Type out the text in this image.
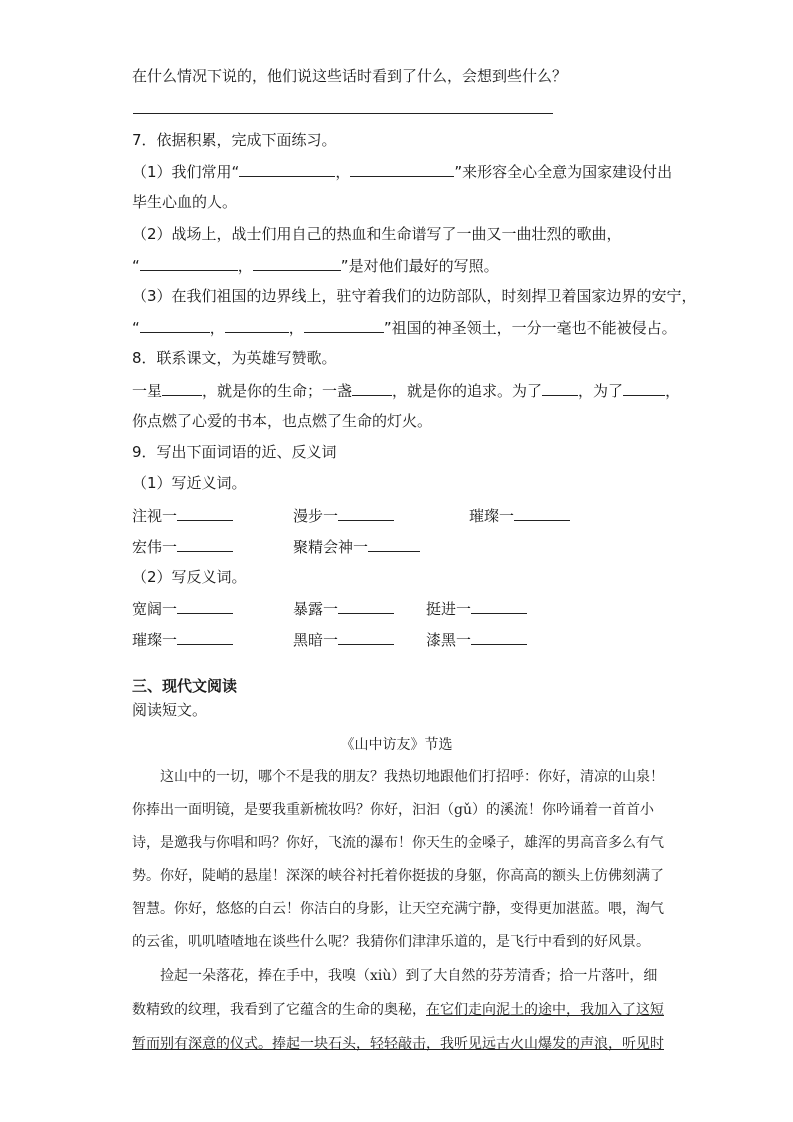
在什么情况下说的，他们说这些话时看到了什么，会想到些什么？
7．依据积累，完成下面练习。
（1）我们常用“	，	”来形容全心全意为国家建设付出
毕生心血的人。
（2）战场上，战士们用自己的热血和生命谱写了一曲又一曲壮烈的歌曲，
“	，	”是对他们最好的写照。
（3）在我们祖国的边界线上，驻守着我们的边防部队，时刻捍卫着国家边界的安宁，
“	，	，	”祖国的神圣领土，一分一毫也不能被侵占。
8．联系课文，为英雄写赞歌。
一星	，就是你的生命；一盏	，就是你的追求。为了 ，为了	，
你点燃了心爱的书本，也点燃了生命的灯火。
9．写出下面词语的近、反义词
（1）写近义词。
注视一	漫步一	璀璨一
宏伟一	聚精会神一
（2）写反义词。
宽阔一	暴露一	挺进一
璀璨一	黑暗一	漆黑一
三、现代文阅读
阅读短文。
《山中访友》节选
这山中的一切，哪个不是我的朋友？我热切地跟他们打招呼：你好，清凉的山泉！
你捧出一面明镜，是要我重新梳妆吗？你好，汩汩（gǔ）的溪流！你吟诵着一首首小
诗，是邀我与你唱和吗？你好，飞流的瀑布！你天生的金嗓子，雄浑的男高音多么有气
势。你好，陡峭的悬崖！深深的峡谷衬托着你挺拔的身躯，你高高的额头上仿佛刻满了
智慧。你好，悠悠的白云！你洁白的身影，让天空充满宁静，变得更加湛蓝。喂，淘气
的云雀，叽叽喳喳地在谈些什么呢？我猜你们津津乐道的，是飞行中看到的好风景。
捡起一朵落花，捧在手中，我嗅（xiù）到了大自然的芬芳清香；拾一片落叶，细
数精致的纹理，我看到了它蕴含的生命的奥秘，在它们走向泥土的途中，我加入了这短
暂而别有深意的仪式。捧起一块石头，轻轻敲击，我听见远古火山爆发的声浪，听见时
